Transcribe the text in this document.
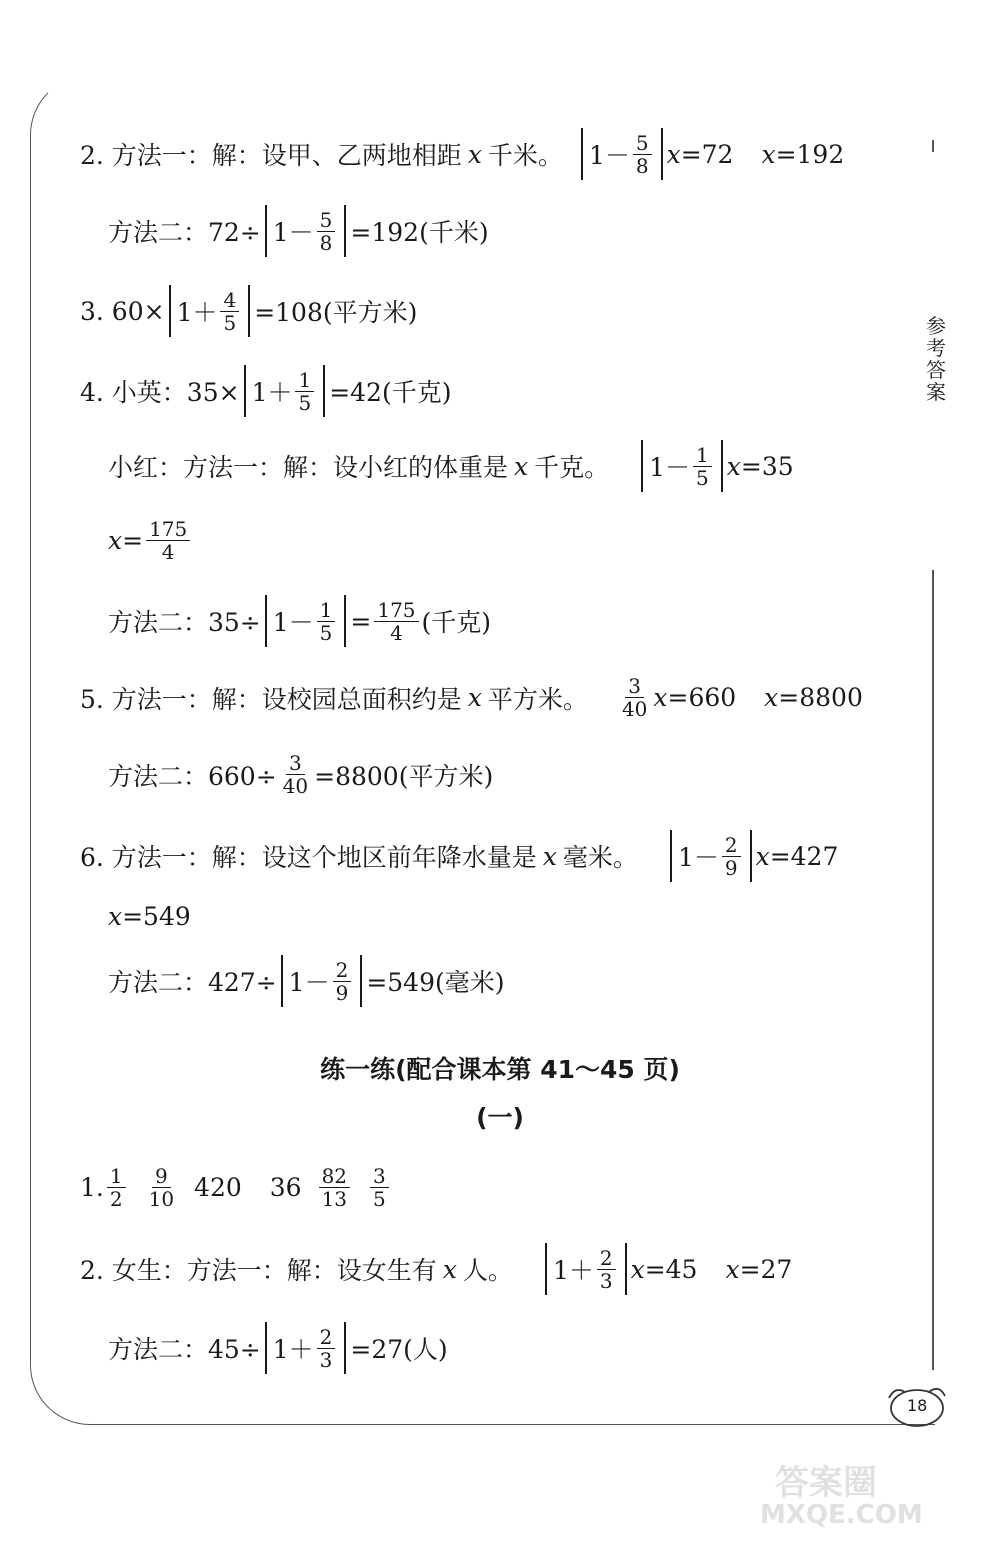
参考答案
2. 方法一：解：设甲、乙两地相距 x 千米。 $1- \frac{5}{8}$ x =72 x =192
方法二：$72\div 1- \frac{5}{8} =192$(千米)
3. $60\times 1+ \frac{4}{5} =108$(平方米)
4. 小英：$35\times 1+ \frac{1}{5} =42$(千克)
小红：方法一：解：设小红的体重是 x 千克。 $1- \frac{1}{5}$ x =35
$x = \frac{175}{4}$
方法二：$35\div 1- \frac{1}{5} = \frac{175}{4}$ (千克)
5. 方法一：解：设校园总面积约是 x 平方米。 $\frac{3}{40}$ x =660 x =8800
方法二：$660\div \frac{3}{40} =8800$(平方米)
6. 方法一：解：设这个地区前年降水量是 x 毫米。 $1- \frac{2}{9}$ x =427
x =549
方法二：$427\div 1- \frac{2}{9} =549$(毫米)
练一练(配合课本第 41～45 页)
(一)
1. $\frac{1}{2} \frac{9}{10} 420$ $36 \frac{82}{13} \frac{3}{5}$
2. 女生：方法一：解：设女生有 x 人。 $1+ \frac{2}{3}$ x =45 x =27
方法二：$45\div 1+ \frac{2}{3} =27$(人)
18
答案圈
MXQE.COM
